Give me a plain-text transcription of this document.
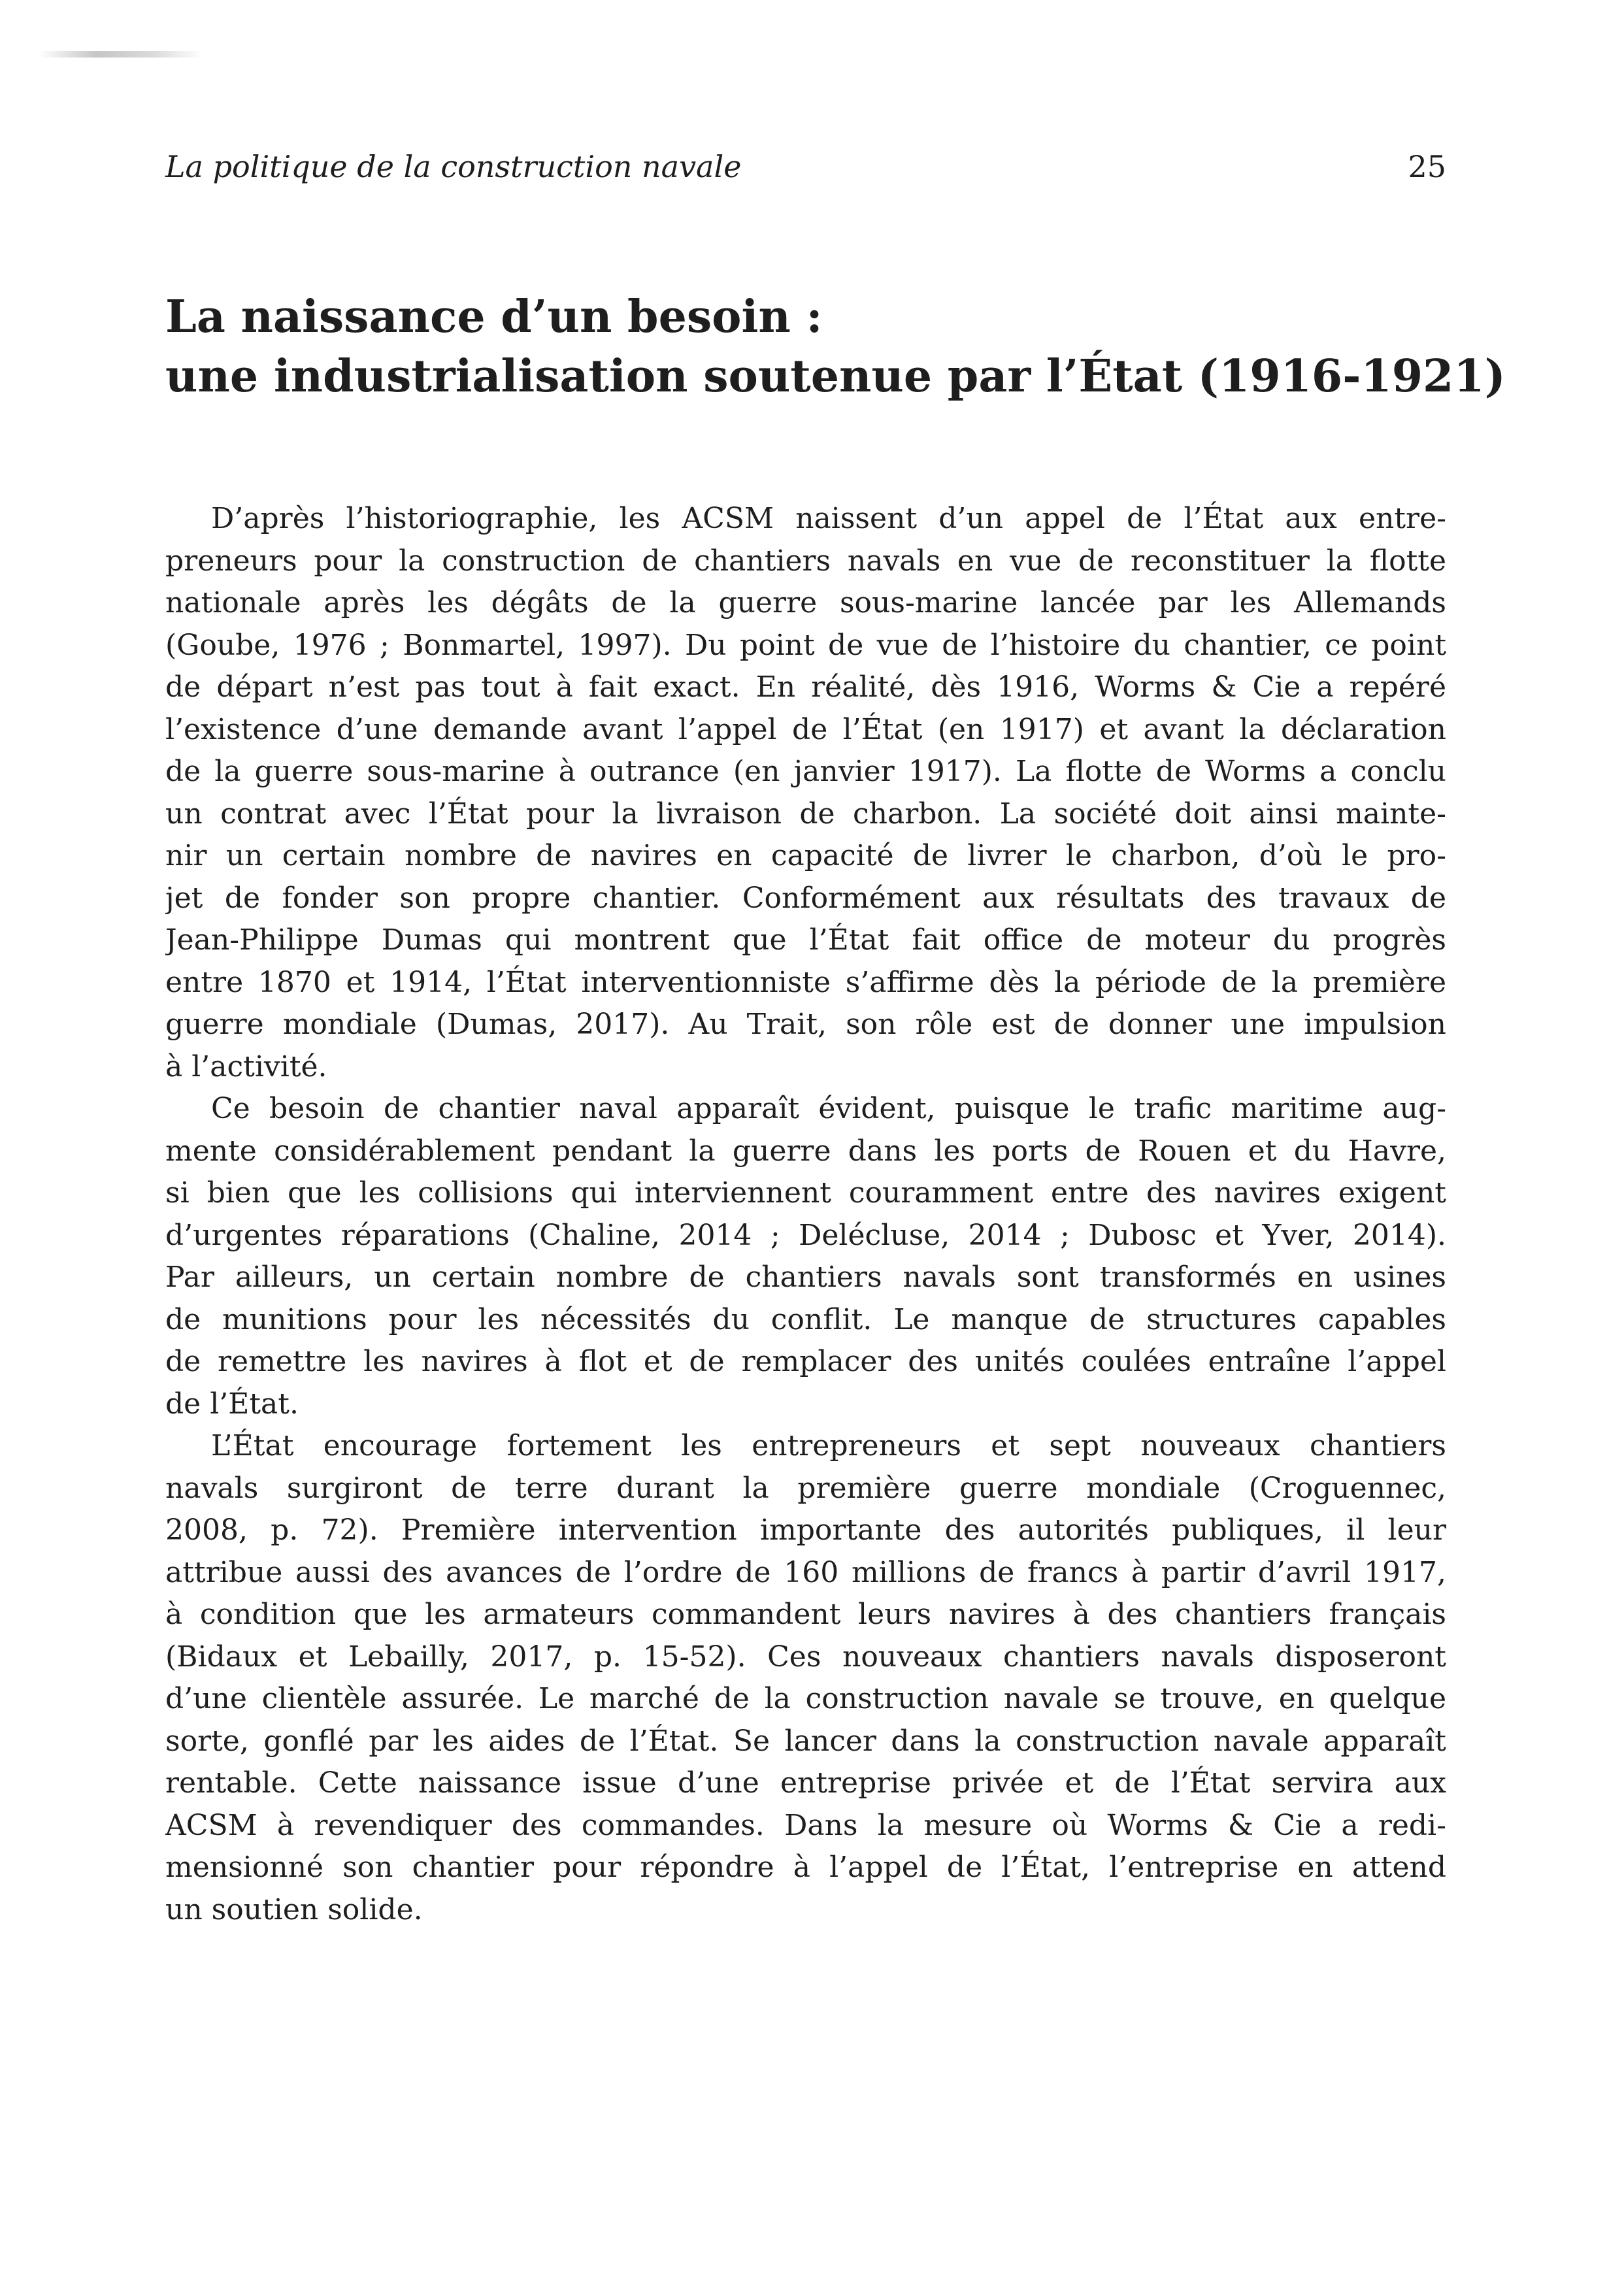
La politique de la construction navale	25
La naissance d’un besoin :
une industrialisation soutenue par l’État (1916-1921)
D’après l’historiographie, les ACSM naissent d’un appel de l’État aux entre-
preneurs pour la construction de chantiers navals en vue de reconstituer la flotte
nationale après les dégâts de la guerre sous-marine lancée par les Allemands
(Goube, 1976 ; Bonmartel, 1997). Du point de vue de l’histoire du chantier, ce point
de départ n’est pas tout à fait exact. En réalité, dès 1916, Worms & Cie a repéré
l’existence d’une demande avant l’appel de l’État (en 1917) et avant la déclaration
de la guerre sous-marine à outrance (en janvier 1917). La flotte de Worms a conclu
un contrat avec l’État pour la livraison de charbon. La société doit ainsi mainte-
nir un certain nombre de navires en capacité de livrer le charbon, d’où le pro-
jet de fonder son propre chantier. Conformément aux résultats des travaux de
Jean-Philippe Dumas qui montrent que l’État fait office de moteur du progrès
entre 1870 et 1914, l’État interventionniste s’affirme dès la période de la première
guerre mondiale (Dumas, 2017). Au Trait, son rôle est de donner une impulsion
à l’activité.
Ce besoin de chantier naval apparaît évident, puisque le trafic maritime aug-
mente considérablement pendant la guerre dans les ports de Rouen et du Havre,
si bien que les collisions qui interviennent couramment entre des navires exigent
d’urgentes réparations (Chaline, 2014 ; Delécluse, 2014 ; Dubosc et Yver, 2014).
Par ailleurs, un certain nombre de chantiers navals sont transformés en usines
de munitions pour les nécessités du conflit. Le manque de structures capables
de remettre les navires à flot et de remplacer des unités coulées entraîne l’appel
de l’État.
L’État encourage fortement les entrepreneurs et sept nouveaux chantiers
navals surgiront de terre durant la première guerre mondiale (Croguennec,
2008, p. 72). Première intervention importante des autorités publiques, il leur
attribue aussi des avances de l’ordre de 160 millions de francs à partir d’avril 1917,
à condition que les armateurs commandent leurs navires à des chantiers français
(Bidaux et Lebailly, 2017, p. 15-52). Ces nouveaux chantiers navals disposeront
d’une clientèle assurée. Le marché de la construction navale se trouve, en quelque
sorte, gonflé par les aides de l’État. Se lancer dans la construction navale apparaît
rentable. Cette naissance issue d’une entreprise privée et de l’État servira aux
ACSM à revendiquer des commandes. Dans la mesure où Worms & Cie a redi-
mensionné son chantier pour répondre à l’appel de l’État, l’entreprise en attend
un soutien solide.
